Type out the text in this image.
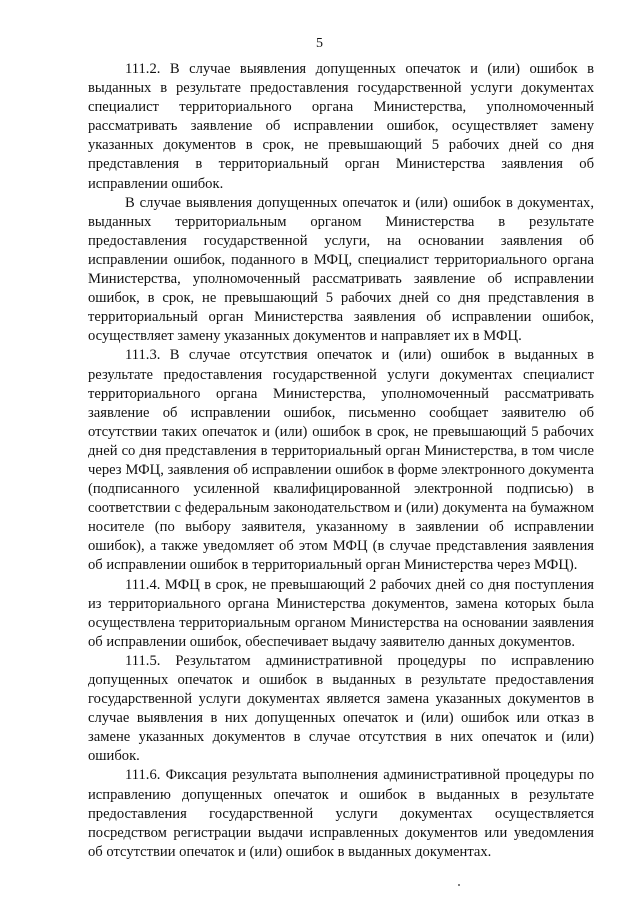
5

111.2. В случае выявления допущенных опечаток и (или) ошибок в выданных в результате предоставления государственной услуги документах специалист территориального органа Министерства, уполномоченный рассматривать заявление об исправлении ошибок, осуществляет замену указанных документов в срок, не превышающий 5 рабочих дней со дня представления в территориальный орган Министерства заявления об исправлении ошибок.

В случае выявления допущенных опечаток и (или) ошибок в документах, выданных территориальным органом Министерства в результате предоставления государственной услуги, на основании заявления об исправлении ошибок, поданного в МФЦ, специалист территориального органа Министерства, уполномоченный рассматривать заявление об исправлении ошибок, в срок, не превышающий 5 рабочих дней со дня представления в территориальный орган Министерства заявления об исправлении ошибок, осуществляет замену указанных документов и направляет их в МФЦ.

111.3. В случае отсутствия опечаток и (или) ошибок в выданных в результате предоставления государственной услуги документах специалист территориального органа Министерства, уполномоченный рассматривать заявление об исправлении ошибок, письменно сообщает заявителю об отсутствии таких опечаток и (или) ошибок в срок, не превышающий 5 рабочих дней со дня представления в территориальный орган Министерства, в том числе через МФЦ, заявления об исправлении ошибок в форме электронного документа (подписанного усиленной квалифицированной электронной подписью) в соответствии с федеральным законодательством и (или) документа на бумажном носителе (по выбору заявителя, указанному в заявлении об исправлении ошибок), а также уведомляет об этом МФЦ (в случае представления заявления об исправлении ошибок в территориальный орган Министерства через МФЦ).

111.4. МФЦ в срок, не превышающий 2 рабочих дней со дня поступления из территориального органа Министерства документов, замена которых была осуществлена территориальным органом Министерства на основании заявления об исправлении ошибок, обеспечивает выдачу заявителю данных документов.

111.5. Результатом административной процедуры по исправлению допущенных опечаток и ошибок в выданных в результате предоставления государственной услуги документах является замена указанных документов в случае выявления в них допущенных опечаток и (или) ошибок или отказ в замене указанных документов в случае отсутствия в них опечаток и (или) ошибок.

111.6. Фиксация результата выполнения административной процедуры по исправлению допущенных опечаток и ошибок в выданных в результате предоставления государственной услуги документах осуществляется посредством регистрации выдачи исправленных документов или уведомления об отсутствии опечаток и (или) ошибок в выданных документах.
